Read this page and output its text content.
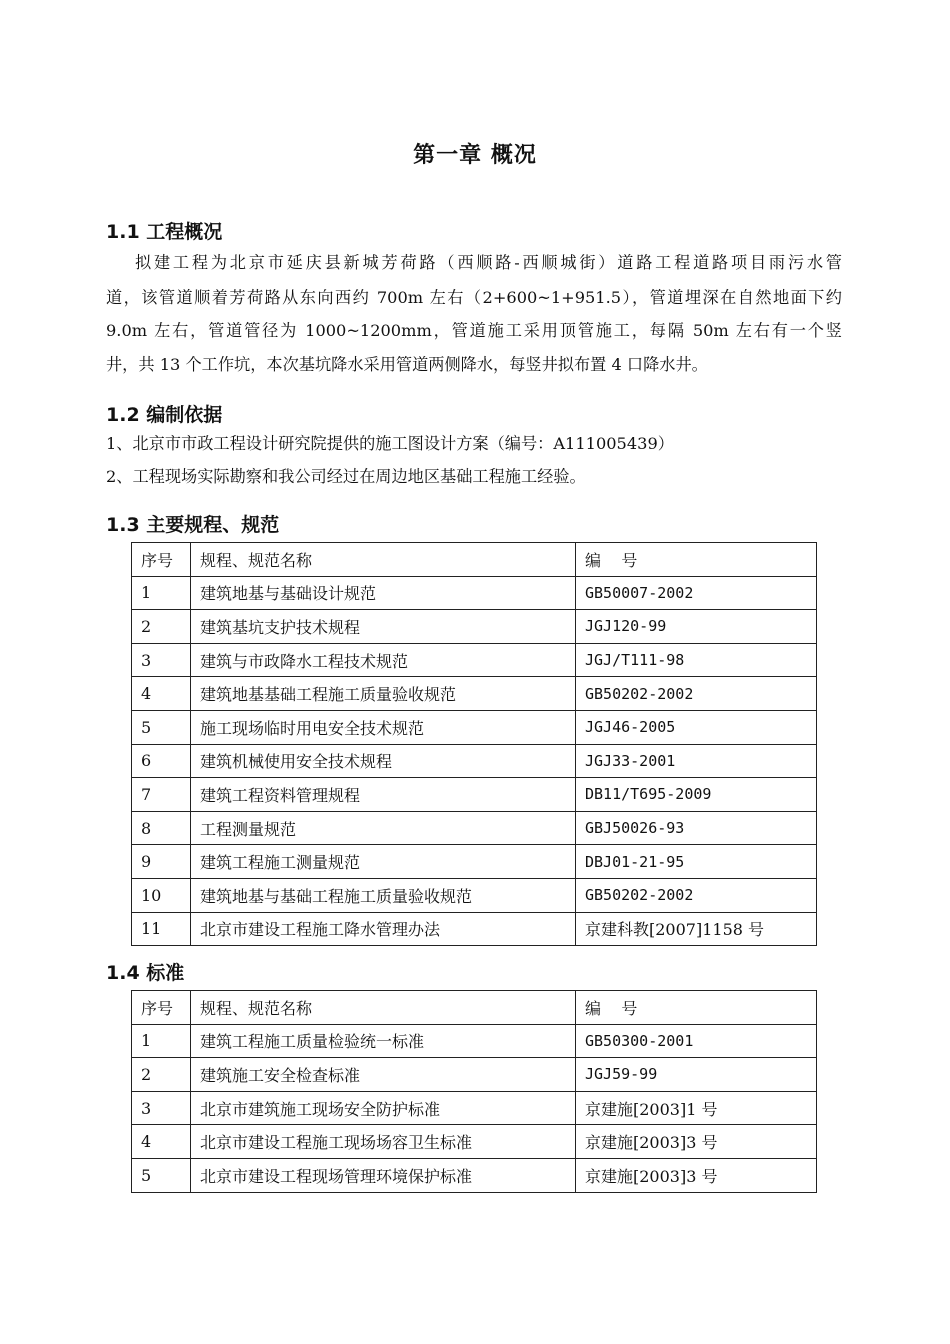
第一章 概况
1.1 工程概况
拟建工程为北京市延庆县新城芳荷路（西顺路-西顺城街）道路工程道路项目雨污水管
道，该管道顺着芳荷路从东向西约 700m 左右（2+600~1+951.5），管道埋深在自然地面下约
9.0m 左右，管道管径为 1000~1200mm，管道施工采用顶管施工，每隔 50m 左右有一个竖
井，共 13 个工作坑，本次基坑降水采用管道两侧降水，每竖井拟布置 4 口降水井。
1.2 编制依据
1、北京市市政工程设计研究院提供的施工图设计方案（编号：A111005439）
2、工程现场实际勘察和我公司经过在周边地区基础工程施工经验。
1.3 主要规程、规范
序号	规程、规范名称	编    号
1	建筑地基与基础设计规范	GB50007-2002
2	建筑基坑支护技术规程	JGJ120-99
3	建筑与市政降水工程技术规范	JGJ/T111-98
4	建筑地基基础工程施工质量验收规范	GB50202-2002
5	施工现场临时用电安全技术规范	JGJ46-2005
6	建筑机械使用安全技术规程	JGJ33-2001
7	建筑工程资料管理规程	DB11/T695-2009
8	工程测量规范	GBJ50026-93
9	建筑工程施工测量规范	DBJ01-21-95
10	建筑地基与基础工程施工质量验收规范	GB50202-2002
11	北京市建设工程施工降水管理办法	京建科教[2007]1158 号
1.4 标准
序号	规程、规范名称	编    号
1	建筑工程施工质量检验统一标准	GB50300-2001
2	建筑施工安全检查标准	JGJ59-99
3	北京市建筑施工现场安全防护标准	京建施[2003]1 号
4	北京市建设工程施工现场场容卫生标准	京建施[2003]3 号
5	北京市建设工程现场管理环境保护标准	京建施[2003]3 号
